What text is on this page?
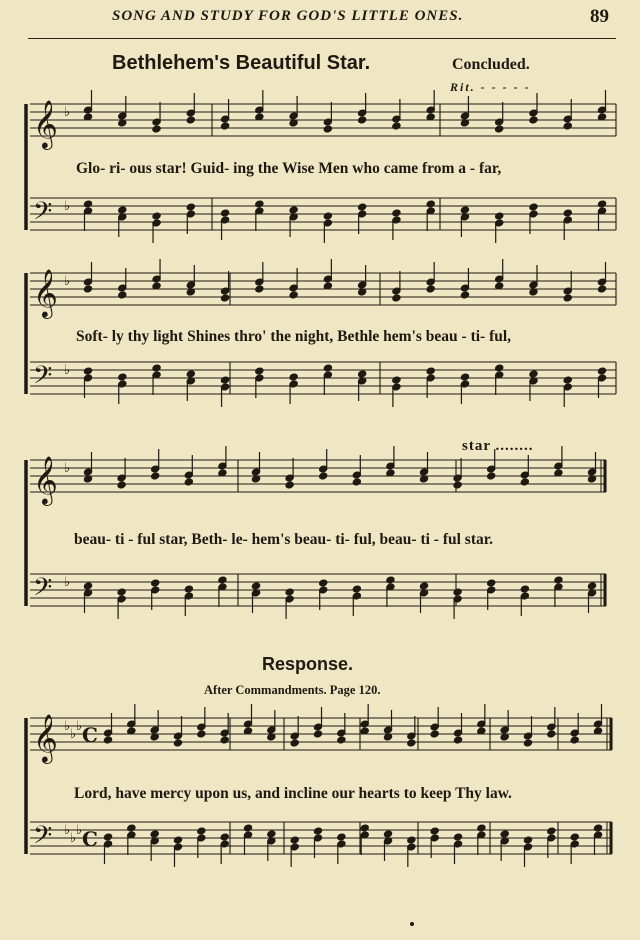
SONG AND STUDY FOR GOD'S LITTLE ONES.	89
Bethlehem's Beautiful Star.	Concluded.
Rit. - - - - -
𝄞 ♭
𝄢 ♭
𝄞 ♭
𝄢 ♭
𝄞 ♭
𝄢 ♭
𝄞 ♭
♭
♭ C
𝄢 ♭
♭
♭ C
Glo- ri- ous star! Guid- ing the Wise Men who came from a - far,
Soft- ly thy light Shines thro' the night, Bethle hem's beau - ti- ful,
beau- ti - ful star, Beth- le- hem's beau- ti- ful, beau- ti - ful star.
star ........
Response.
After Commandments. Page 120.
Lord, have mercy upon us, and incline our hearts to keep Thy law.
